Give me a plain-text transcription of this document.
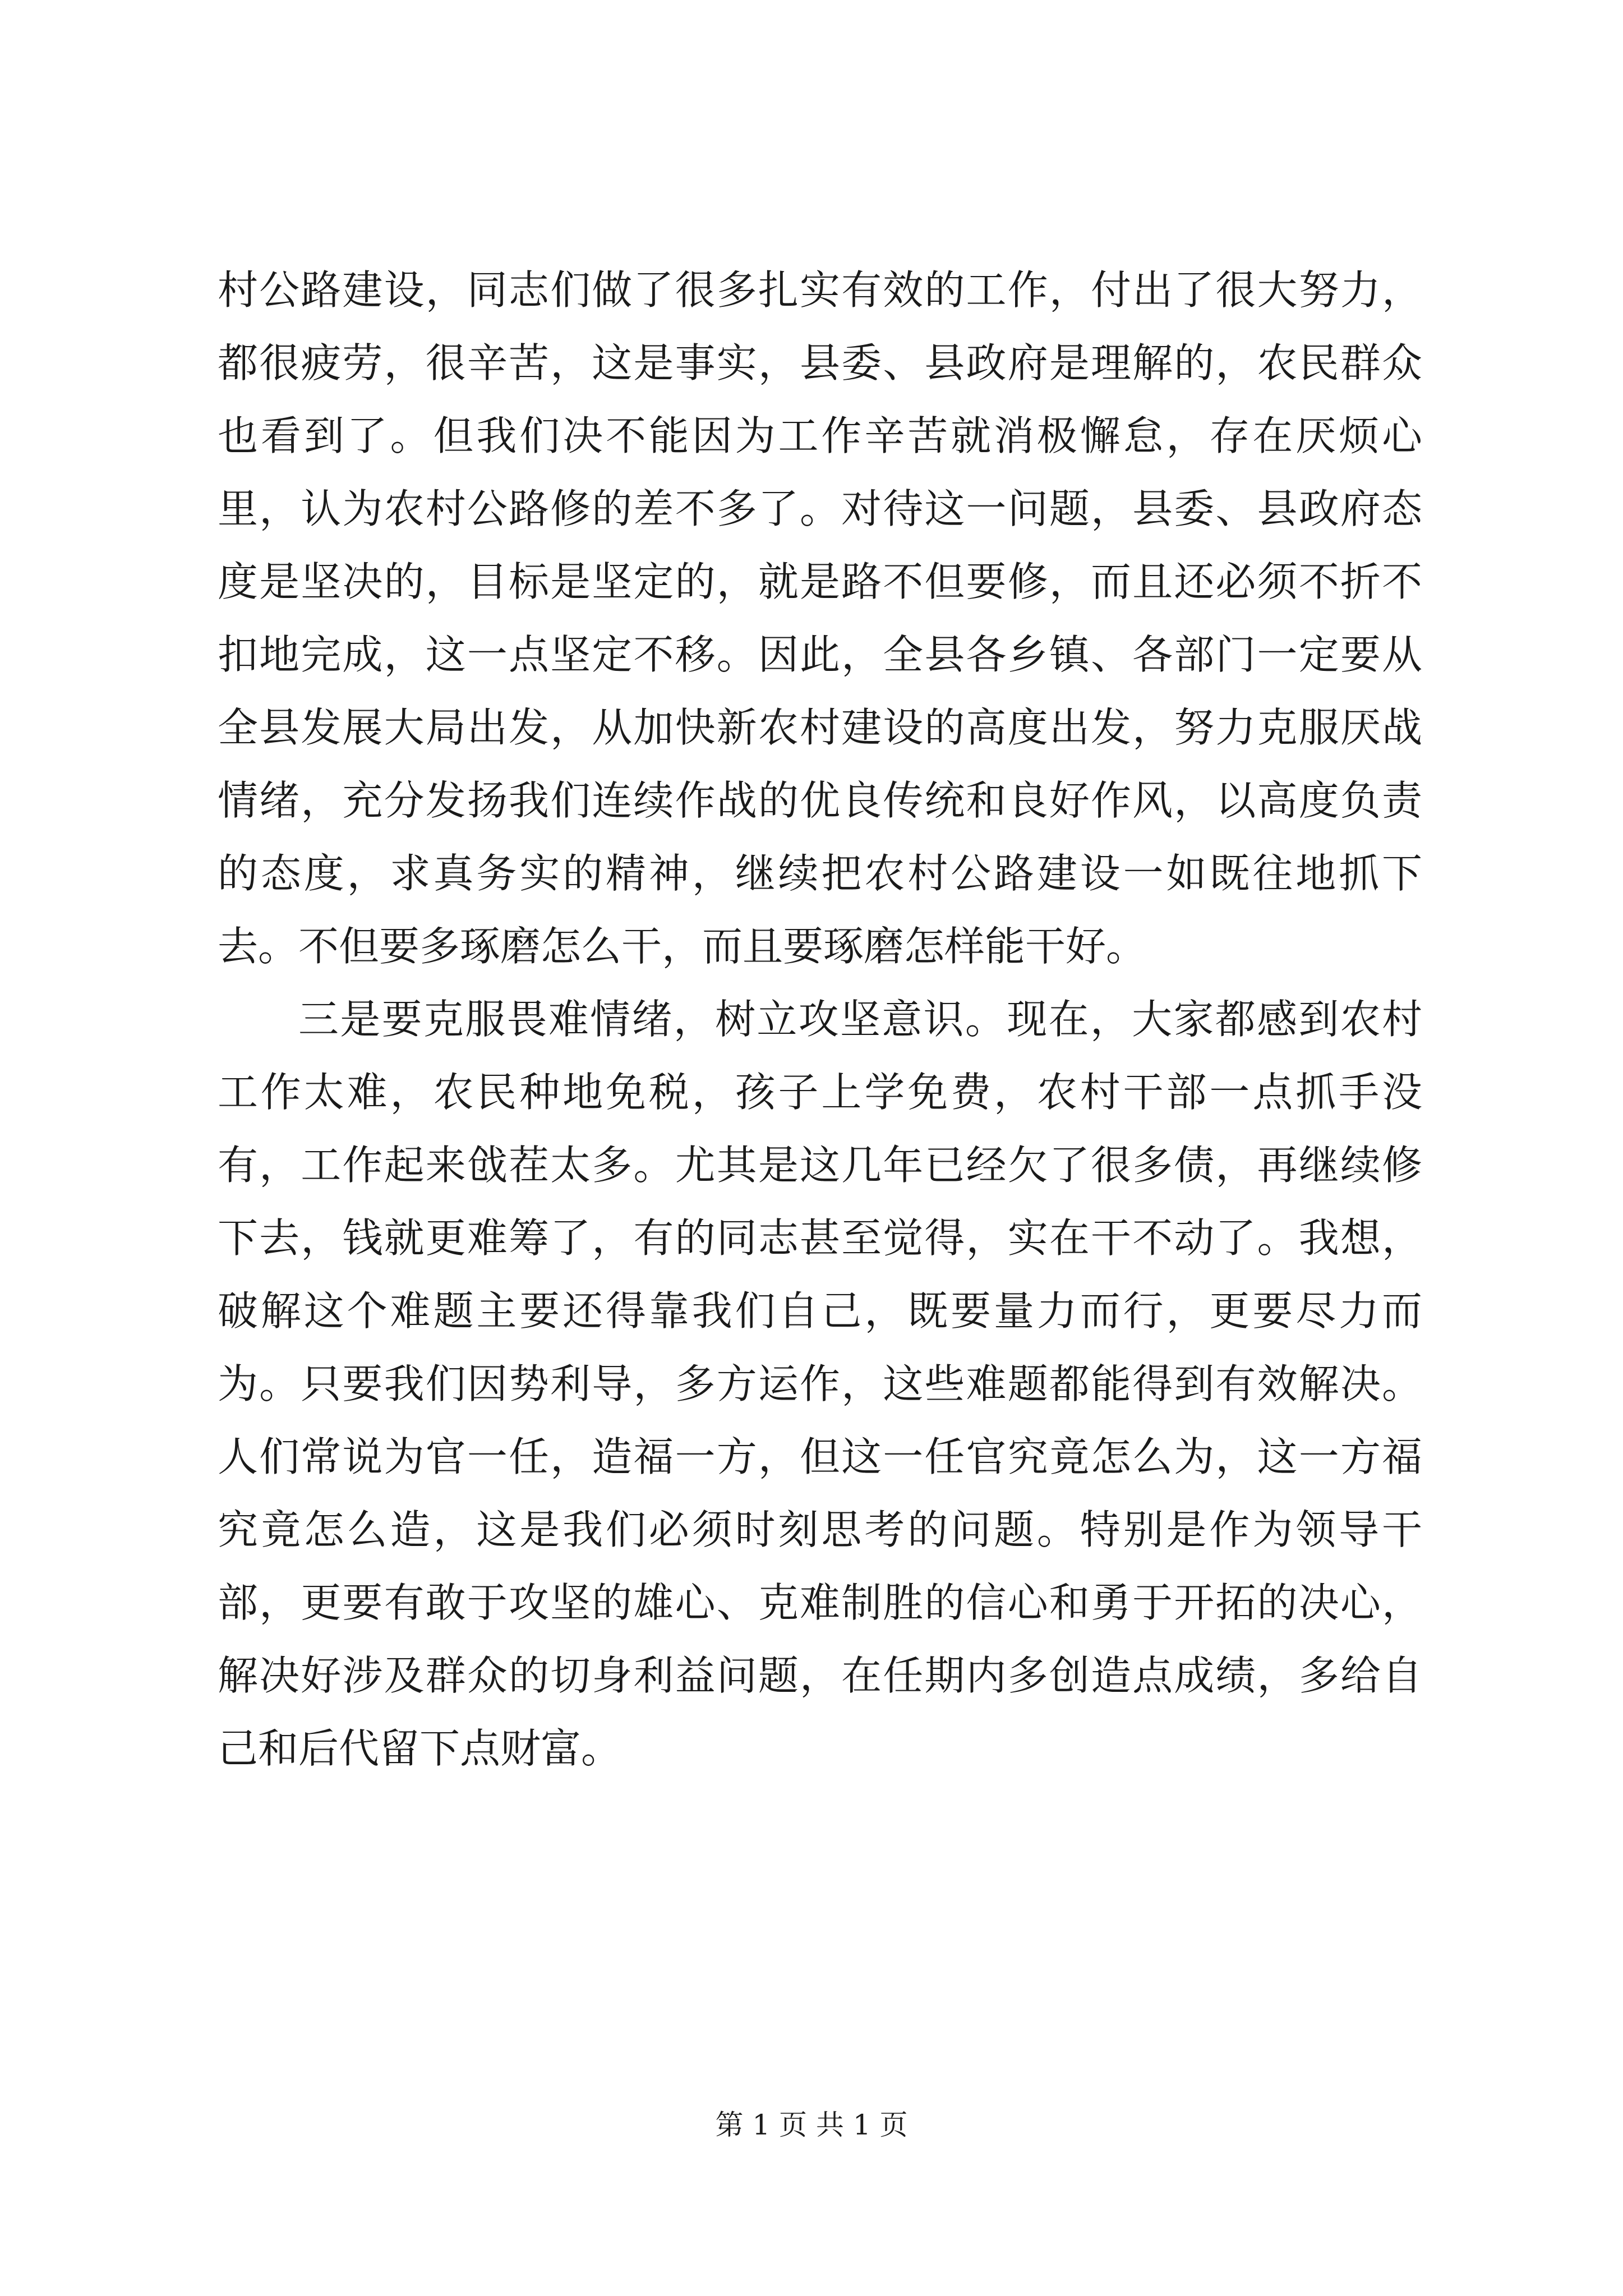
村公路建设，同志们做了很多扎实有效的工作，付出了很大努力，都很疲劳，很辛苦，这是事实，县委、县政府是理解的，农民群众也看到了。但我们决不能因为工作辛苦就消极懈怠，存在厌烦心里，认为农村公路修的差不多了。对待这一问题，县委、县政府态度是坚决的，目标是坚定的，就是路不但要修，而且还必须不折不扣地完成，这一点坚定不移。因此，全县各乡镇、各部门一定要从全县发展大局出发，从加快新农村建设的高度出发，努力克服厌战情绪，充分发扬我们连续作战的优良传统和良好作风，以高度负责的态度，求真务实的精神，继续把农村公路建设一如既往地抓下去。不但要多琢磨怎么干，而且要琢磨怎样能干好。

三是要克服畏难情绪，树立攻坚意识。现在，大家都感到农村工作太难，农民种地免税，孩子上学免费，农村干部一点抓手没有，工作起来戗茬太多。尤其是这几年已经欠了很多债，再继续修下去，钱就更难筹了，有的同志甚至觉得，实在干不动了。我想，破解这个难题主要还得靠我们自己，既要量力而行，更要尽力而为。只要我们因势利导，多方运作，这些难题都能得到有效解决。人们常说为官一任，造福一方，但这一任官究竟怎么为，这一方福究竟怎么造，这是我们必须时刻思考的问题。特别是作为领导干部，更要有敢于攻坚的雄心、克难制胜的信心和勇于开拓的决心，解决好涉及群众的切身利益问题，在任期内多创造点成绩，多给自己和后代留下点财富。

第 1 页 共 1 页
